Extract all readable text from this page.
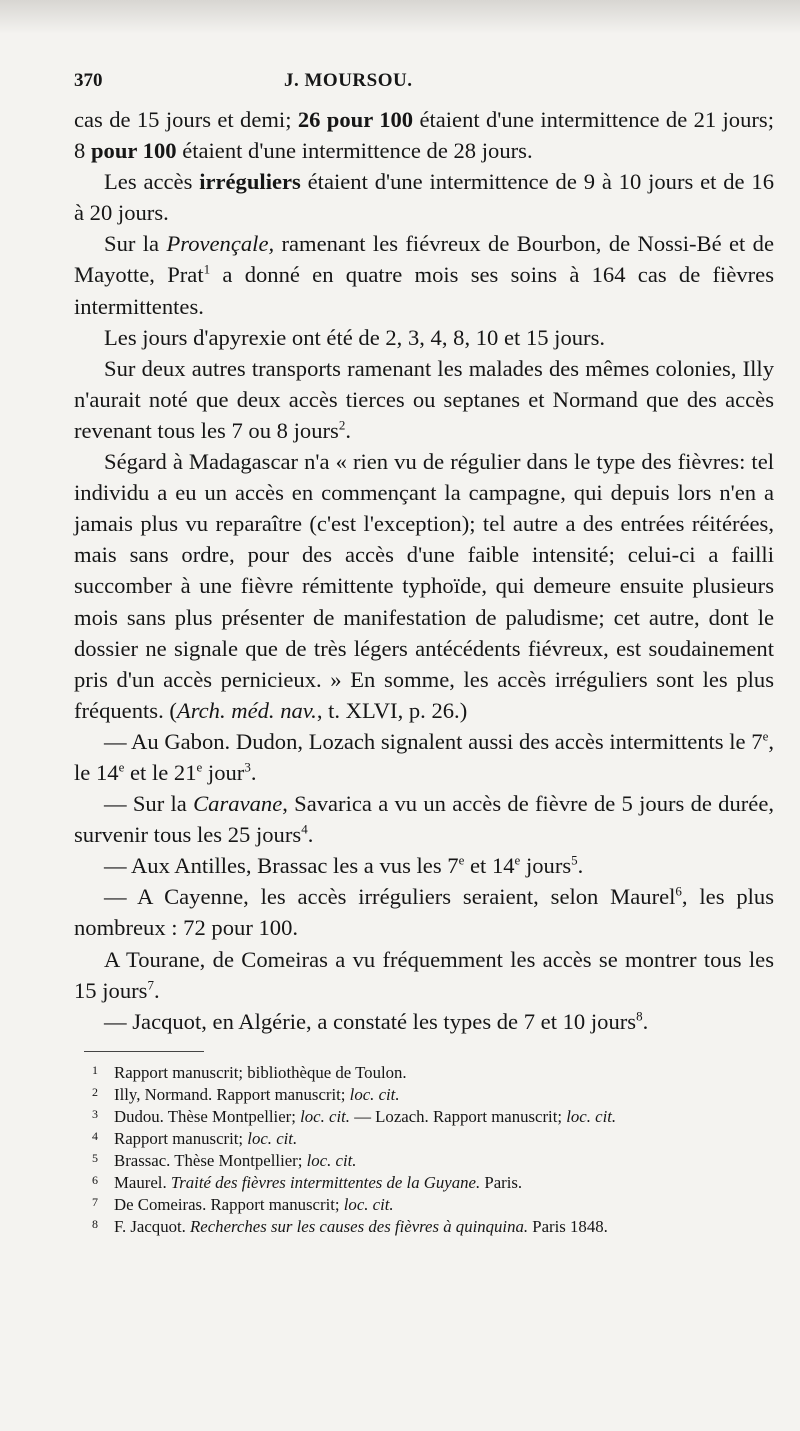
370	J. MOURSOU.

cas de 15 jours et demi; 26 pour 100 étaient d'une intermittence de 21 jours; 8 pour 100 étaient d'une intermittence de 28 jours.

Les accès irréguliers étaient d'une intermittence de 9 à 10 jours et de 16 à 20 jours.

Sur la Provençale, ramenant les fiévreux de Bourbon, de Nossi-Bé et de Mayotte, Prat$^1$ a donné en quatre mois ses soins à 164 cas de fièvres intermittentes.

Les jours d'apyrexie ont été de 2, 3, 4, 8, 10 et 15 jours.

Sur deux autres transports ramenant les malades des mêmes colonies, Illy n'aurait noté que deux accès tierces ou septanes et Normand que des accès revenant tous les 7 ou 8 jours$^2$.

Ségard à Madagascar n'a « rien vu de régulier dans le type des fièvres: tel individu a eu un accès en commençant la campagne, qui depuis lors n'en a jamais plus vu reparaître (c'est l'exception); tel autre a des entrées réitérées, mais sans ordre, pour des accès d'une faible intensité; celui-ci a failli succomber à une fièvre rémittente typhoïde, qui demeure ensuite plusieurs mois sans plus présenter de manifestation de paludisme; cet autre, dont le dossier ne signale que de très légers antécédents fiévreux, est soudainement pris d'un accès pernicieux. » En somme, les accès irréguliers sont les plus fréquents. (Arch. méd. nav., t. XLVI, p. 26.)

— Au Gabon. Dudon, Lozach signalent aussi des accès intermittents le 7e, le 14e et le 21e jour$^3$.

— Sur la Caravane, Savarica a vu un accès de fièvre de 5 jours de durée, survenir tous les 25 jours$^4$.

— Aux Antilles, Brassac les a vus les 7e et 14e jours$^5$.

— A Cayenne, les accès irréguliers seraient, selon Maurel$^6$, les plus nombreux : 72 pour 100.

A Tourane, de Comeiras a vu fréquemment les accès se montrer tous les 15 jours$^7$.

— Jacquot, en Algérie, a constaté les types de 7 et 10 jours$^8$.

1 Rapport manuscrit; bibliothèque de Toulon.
2 Illy, Normand. Rapport manuscrit; loc. cit.
3 Dudou. Thèse Montpellier; loc. cit. — Lozach. Rapport manuscrit; loc. cit.
4 Rapport manuscrit; loc. cit.
5 Brassac. Thèse Montpellier; loc. cit.
6 Maurel. Traité des fièvres intermittentes de la Guyane. Paris.
7 De Comeiras. Rapport manuscrit; loc. cit.
8 F. Jacquot. Recherches sur les causes des fièvres à quinquina. Paris 1848.
